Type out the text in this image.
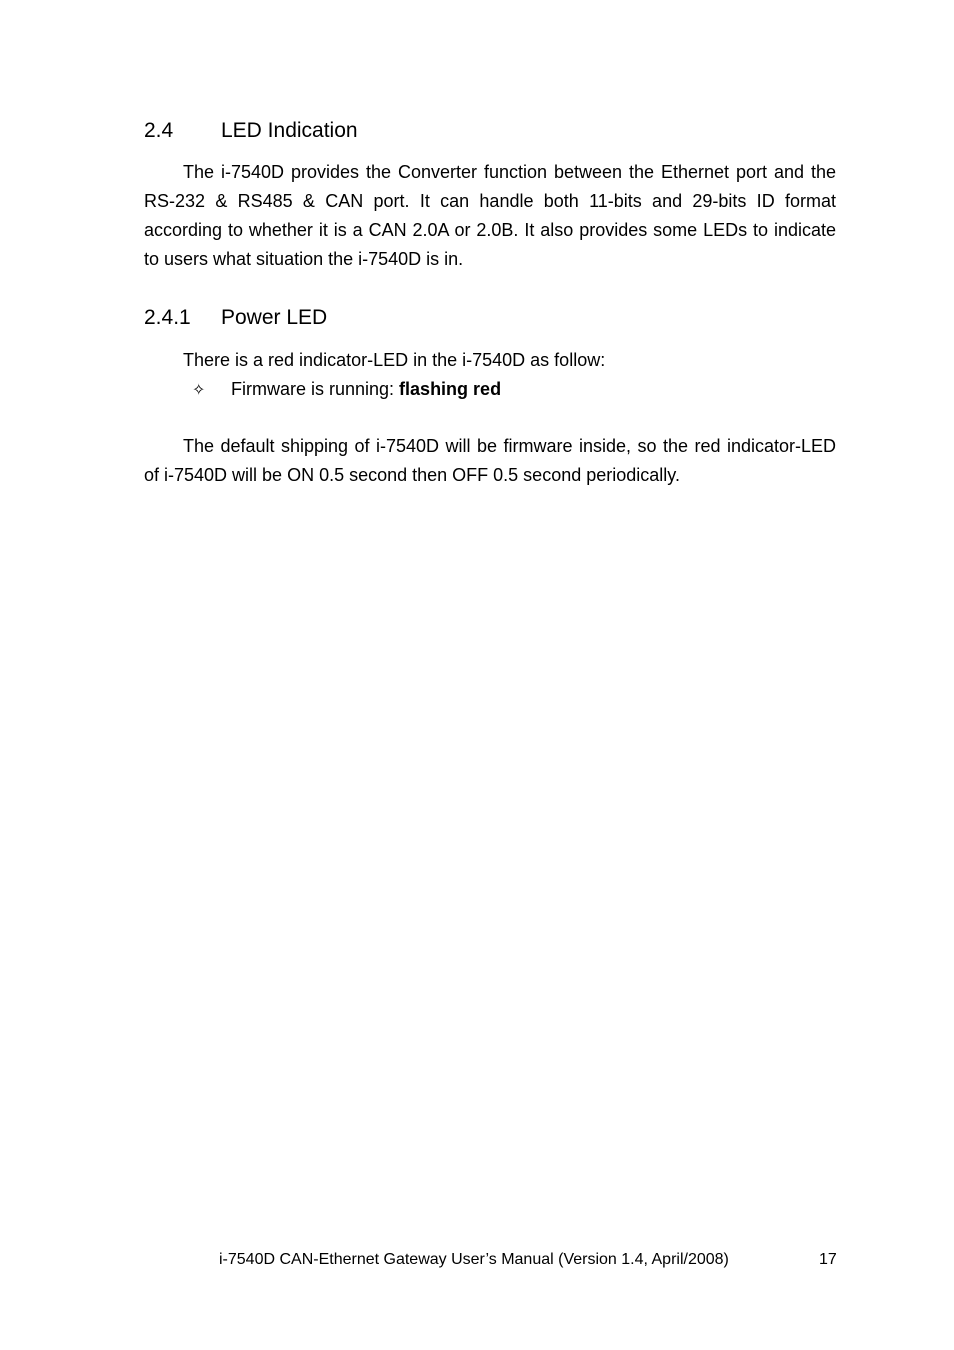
2.4 LED Indication

The i-7540D provides the Converter function between the Ethernet port and the RS-232 & RS485 & CAN port. It can handle both 11-bits and 29-bits ID format according to whether it is a CAN 2.0A or 2.0B. It also provides some LEDs to indicate to users what situation the i-7540D is in.

2.4.1 Power LED

There is a red indicator-LED in the i-7540D as follow:

✧ Firmware is running: flashing red

The default shipping of i-7540D will be firmware inside, so the red indicator-LED of i-7540D will be ON 0.5 second then OFF 0.5 second periodically.

i-7540D CAN-Ethernet Gateway User’s Manual (Version 1.4, April/2008)	17
